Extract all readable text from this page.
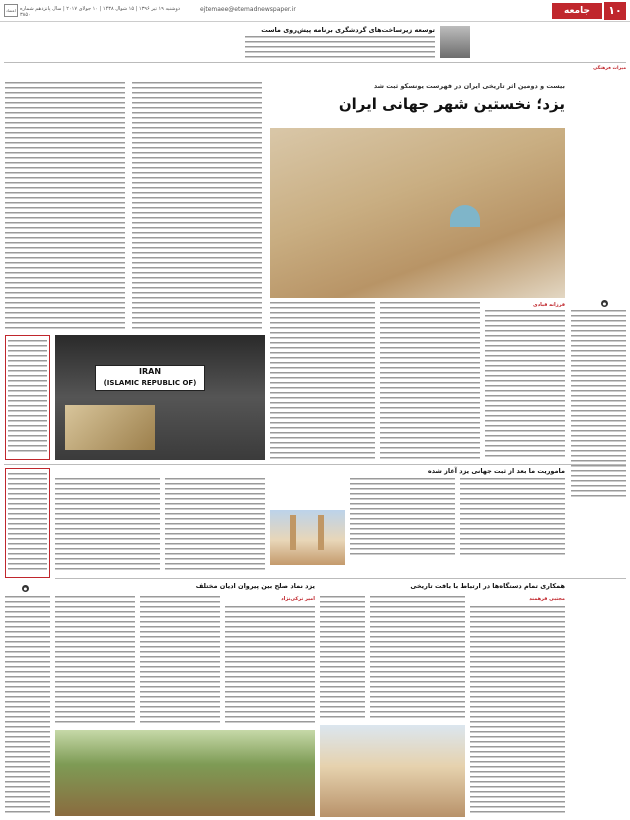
۱۰
جامعه
ejtemaee@etemadnewspaper.ir
دوشنبه ۱۹ تیر ۱۳۹۶ | ۱۵ شوال ۱۴۳۸ | ۱۰ جولای ۲۰۱۷ | سال پانزدهم شماره ۳۸۵۰
اعتماد
توسعه زیرساخت‌های گردشگری برنامه پیش‌روی ماست
میراث فرهنگی
●
بیست و دومین اثر تاریخی ایران در فهرست یونسکو ثبت شد
یزد؛ نخستین شهر جهانی ایران
فرزانه قبادی
IRAN
(ISLAMIC REPUBLIC OF)
ماموریت ما بعد از ثبت جهانی یزد آغاز شده
همکاری تمام دستگاه‌ها در ارتباط با بافت تاریخی
مجتبی فرهمند
یزد نماد صلح بین پیروان ادیان مختلف
امیر ترکی‌نژاد
●
